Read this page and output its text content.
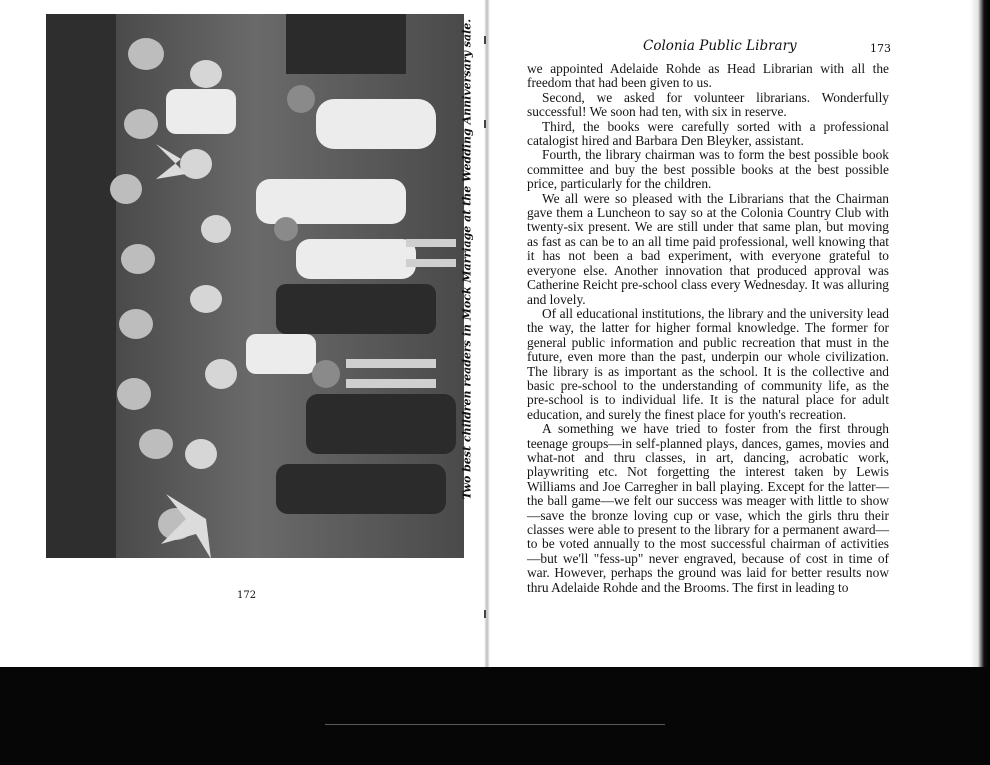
Two best children readers in Mock Marriage at the Wedding Anniversary sale.
172
Colonia Public Library	173

we appointed Adelaide Rohde as Head Librarian with all the freedom that had been given to us.

Second, we asked for volunteer librarians. Wonderfully successful! We soon had ten, with six in reserve.

Third, the books were carefully sorted with a professional catalogist hired and Barbara Den Bleyker, assistant.

Fourth, the library chairman was to form the best possible book committee and buy the best possible books at the best possible price, particularly for the children.

We all were so pleased with the Librarians that the Chairman gave them a Luncheon to say so at the Colonia Country Club with twenty-six present. We are still under that same plan, but moving as fast as can be to an all time paid professional, well knowing that it has not been a bad experiment, with everyone grateful to everyone else. Another innovation that produced approval was Catherine Reicht pre-school class every Wednesday. It was alluring and lovely.

Of all educational institutions, the library and the university lead the way, the latter for higher formal knowledge. The former for general public information and public recreation that must in the future, even more than the past, underpin our whole civilization. The library is as important as the school. It is the collective and basic pre-school to the understanding of community life, as the pre-school is to individual life. It is the natural place for adult education, and surely the finest place for youth's recreation.

A something we have tried to foster from the first through teenage groups—in self-planned plays, dances, games, movies and what-not and thru classes, in art, dancing, acrobatic work, playwriting etc. Not forgetting the interest taken by Lewis Williams and Joe Carregher in ball playing. Except for the latter—the ball game—we felt our success was meager with little to show—save the bronze loving cup or vase, which the girls thru their classes were able to present to the library for a permanent award—to be voted annually to the most successful chairman of activities—but we'll "fess-up" never engraved, because of cost in time of war. However, perhaps the ground was laid for better results now thru Adelaide Rohde and the Brooms. The first in leading to
